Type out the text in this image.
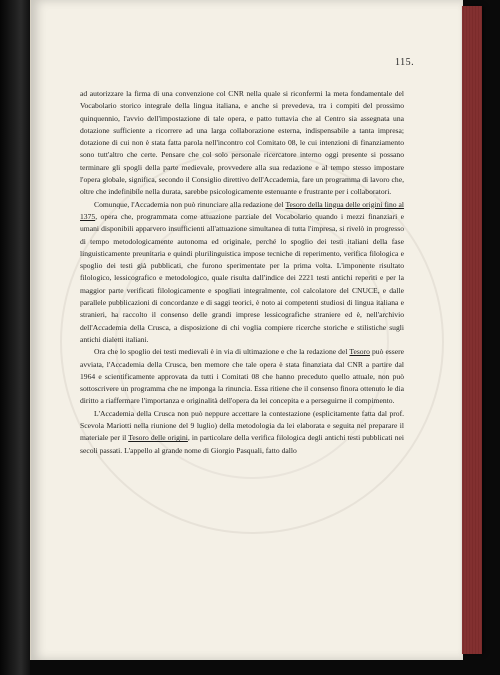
115.

ad autorizzare la firma di una convenzione col CNR nella quale si riconfermi la meta fondamentale del Vocabolario storico integrale della lingua italiana, e anche si prevedeva, tra i compiti del prossimo quinquennio, l'avvio dell'impostazione di tale opera, e patto tuttavia che al Centro sia assegnata una dotazione sufficiente a ricorrere ad una larga collaborazione esterna, indispensabile a tanta impresa; dotazione di cui non è stata fatta parola nell'incontro col Comitato 08, le cui intenzioni di finanziamento sono tutt'altro che certe. Pensare che col solo personale ricercatore interno oggi presente si possano terminare gli spogli della parte medievale, provvedere alla sua redazione e al tempo stesso impostare l'opera globale, significa, secondo il Consiglio direttivo dell'Accademia, fare un programma di lavoro che, oltre che indefinibile nella durata, sarebbe psicologicamente estenuante e frustrante per i collaboratori.

Comunque, l'Accademia non può rinunciare alla redazione del Tesoro della lingua delle origini fino al 1375, opera che, programmata come attuazione parziale del Vocabolario quando i mezzi finanziari e umani disponibili apparvero insufficienti all'attuazione simultanea di tutta l'impresa, si rivelò in progresso di tempo metodologicamente autonoma ed originale, perché lo spoglio dei testi italiani della fase linguisticamente preunitaria e quindi plurilinguistica impose tecniche di reperimento, verifica filologica e spoglio dei testi già pubblicati, che furono sperimentate per la prima volta. L'imponente risultato filologico, lessicografico e metodologico, quale risulta dall'indice dei 2221 testi antichi reperiti e per la maggior parte verificati filologicamente e spogliati integralmente, col calcolatore del CNUCE, e dalle parallele pubblicazioni di concordanze e di saggi teorici, è noto ai competenti studiosi di lingua italiana e stranieri, ha raccolto il consenso delle grandi imprese lessicografiche straniere ed è, nell'archivio dell'Accademia della Crusca, a disposizione di chi voglia compiere ricerche storiche e stilistiche sugli antichi dialetti italiani.

Ora che lo spoglio dei testi medievali è in via di ultimazione e che la redazione del Tesoro può essere avviata, l'Accademia della Crusca, ben memore che tale opera è stata finanziata dal CNR a partire dal 1964 e scientificamente approvata da tutti i Comitati 08 che hanno preceduto quello attuale, non può sottoscrivere un programma che ne imponga la rinuncia. Essa ritiene che il consenso finora ottenuto le dia diritto a riaffermare l'importanza e originalità dell'opera da lei concepita e a perseguirne il compimento.

L'Accademia della Crusca non può neppure accettare la contestazione (esplicitamente fatta dal prof. Scevola Mariotti nella riunione del 9 luglio) della metodologia da lei elaborata e seguita nel preparare il materiale per il Tesoro delle origini, in particolare della verifica filologica degli antichi testi pubblicati nei secoli passati. L'appello al grande nome di Giorgio Pasquali, fatto dallo
